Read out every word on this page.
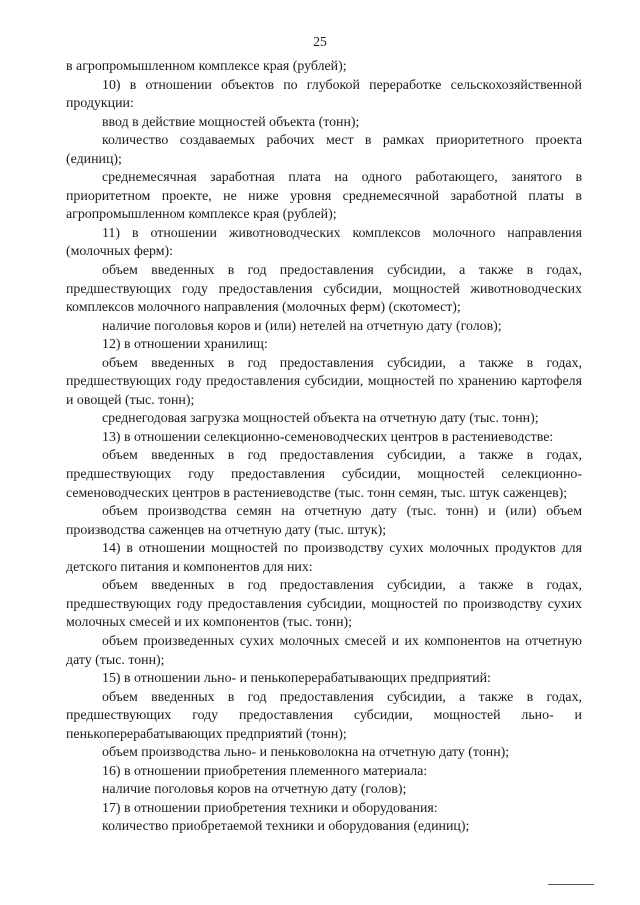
25

в агропромышленном комплексе края (рублей);

10) в отношении объектов по глубокой переработке сельскохозяйственной продукции:

ввод в действие мощностей объекта (тонн);

количество создаваемых рабочих мест в рамках приоритетного проекта (единиц);

среднемесячная заработная плата на одного работающего, занятого в приоритетном проекте, не ниже уровня среднемесячной заработной платы в агропромышленном комплексе края (рублей);

11) в отношении животноводческих комплексов молочного направления (молочных ферм):

объем введенных в год предоставления субсидии, а также в годах, предшествующих году предоставления субсидии, мощностей животноводческих комплексов молочного направления (молочных ферм) (скотомест);

наличие поголовья коров и (или) нетелей на отчетную дату (голов);

12) в отношении хранилищ:

объем введенных в год предоставления субсидии, а также в годах, предшествующих году предоставления субсидии, мощностей по хранению картофеля и овощей (тыс. тонн);

среднегодовая загрузка мощностей объекта на отчетную дату (тыс. тонн);

13) в отношении селекционно-семеноводческих центров в растениеводстве:

объем введенных в год предоставления субсидии, а также в годах, предшествующих году предоставления субсидии, мощностей селекционно-семеноводческих центров в растениеводстве (тыс. тонн семян, тыс. штук саженцев);

объем производства семян на отчетную дату (тыс. тонн) и (или) объем производства саженцев на отчетную дату (тыс. штук);

14) в отношении мощностей по производству сухих молочных продуктов для детского питания и компонентов для них:

объем введенных в год предоставления субсидии, а также в годах, предшествующих году предоставления субсидии, мощностей по производству сухих молочных смесей и их компонентов (тыс. тонн);

объем произведенных сухих молочных смесей и их компонентов на отчетную дату (тыс. тонн);

15) в отношении льно- и пенькоперерабатывающих предприятий:

объем введенных в год предоставления субсидии, а также в годах, предшествующих году предоставления субсидии, мощностей льно- и пенькоперерабатывающих предприятий (тонн);

объем производства льно- и пеньковолокна на отчетную дату (тонн);

16) в отношении приобретения племенного материала:

наличие поголовья коров на отчетную дату (голов);

17) в отношении приобретения техники и оборудования:

количество приобретаемой техники и оборудования (единиц);
